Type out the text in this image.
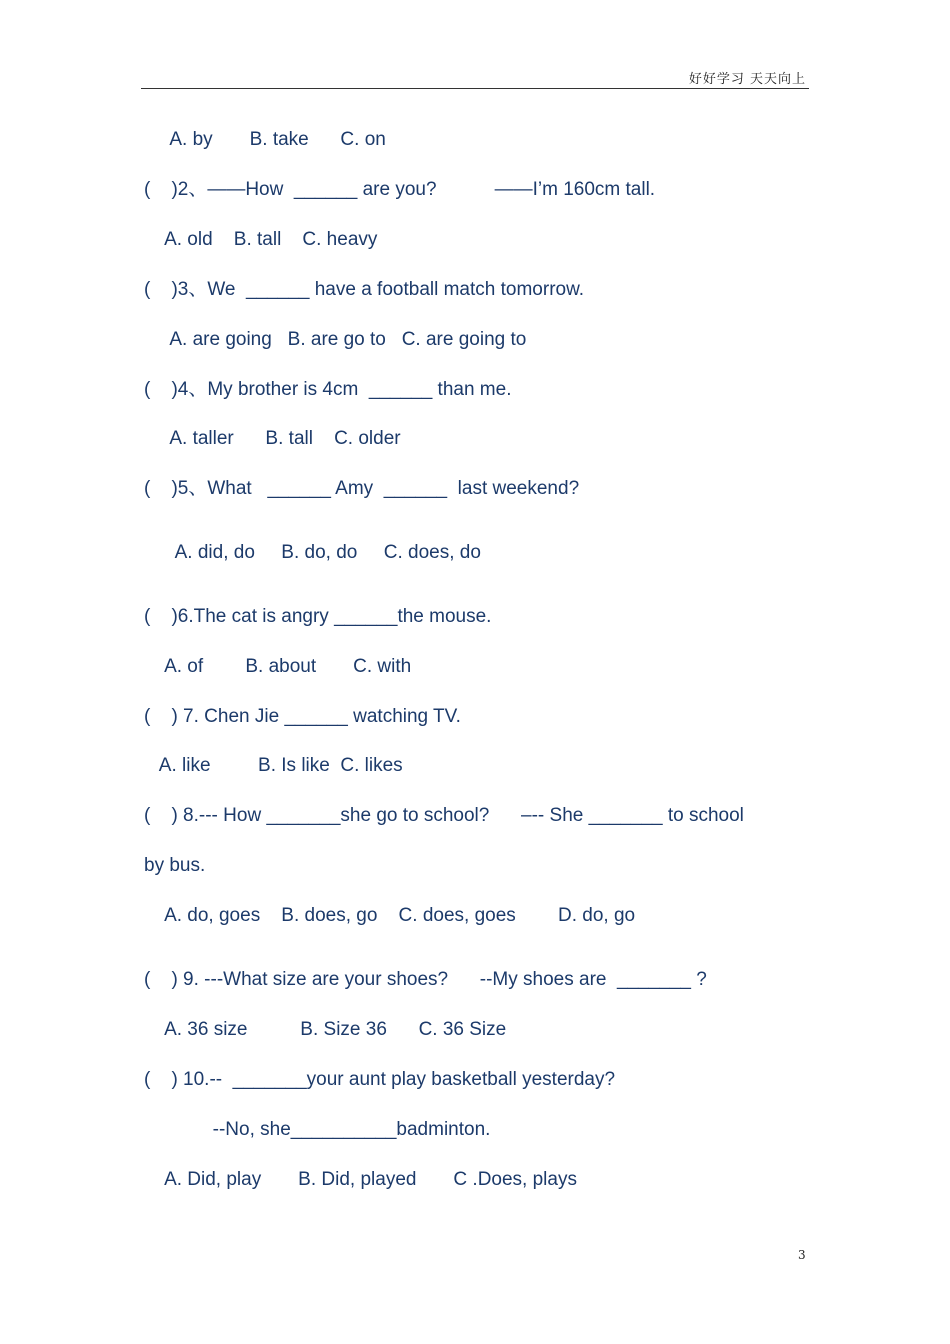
好好学习 天天向上
A. by       B. take      C. on
(    )2、——How  ______ are you?           ——I’m 160cm tall.
A. old    B. tall    C. heavy
(    )3、We  ______ have a football match tomorrow.
A. are going   B. are go to   C. are going to
(    )4、My brother is 4cm  ______ than me.
A. taller      B. tall    C. older
(    )5、What   ______ Amy  ______  last weekend?
A. did, do     B. do, do     C. does, do
(    )6.The cat is angry ______the mouse.
A. of        B. about       C. with
(    ) 7. Chen Jie ______ watching TV.
A. like         B. Is like  C. likes
(    ) 8.--- How _______she go to school?      –-- She _______ to school
by bus.
A. do, goes    B. does, go    C. does, goes        D. do, go
(    ) 9. ---What size are your shoes?      --My shoes are  _______ ?
A. 36 size          B. Size 36      C. 36 Size
(    ) 10.--  _______your aunt play basketball yesterday?
--No, she__________badminton.
A. Did, play       B. Did, played       C .Does, plays
3
